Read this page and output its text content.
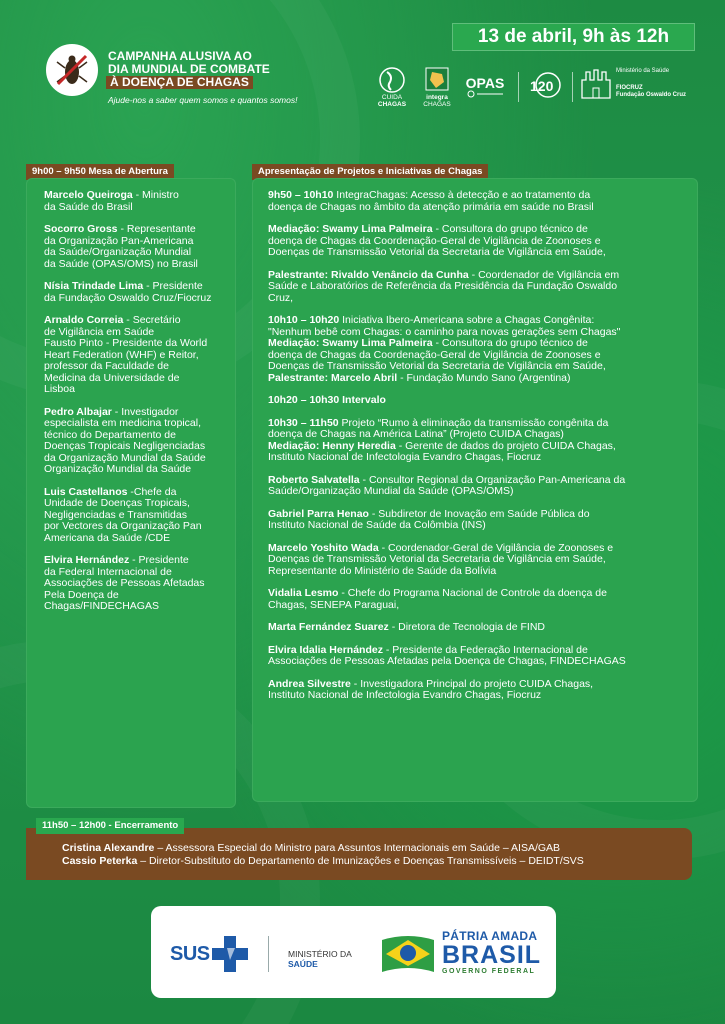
CAMPANHA ALUSIVA AO
DIA MUNDIAL DE COMBATE
À DOENÇA DE CHAGAS
Ajude-nos a saber quem somos e quantos somos!
13 de abril, 9h às 12h
CUIDA
CHAGAS
integra
CHAGAS
OPAS 120
Ministério da Saúde
FIOCRUZ
Fundação Oswaldo Cruz
9h00 – 9h50 Mesa de Abertura	Apresentação de Projetos e Iniciativas de Chagas
Marcelo Queiroga - Ministro
da Saúde do Brasil
Socorro Gross - Representante
da Organização Pan-Americana
da Saúde/Organização Mundial
da Saúde (OPAS/OMS) no Brasil
Nísia Trindade Lima - Presidente
da Fundação Oswaldo Cruz/Fiocruz
Arnaldo Correia - Secretário
de Vigilância em Saúde
Fausto Pinto - Presidente da World
Heart Federation (WHF) e Reitor,
professor da Faculdade de
Medicina da Universidade de
Lisboa
Pedro Albajar - Investigador
especialista em medicina tropical,
técnico do Departamento de
Doenças Tropicais Negligenciadas
da Organização Mundial da Saúde
Organização Mundial da Saúde
Luis Castellanos -Chefe da
Unidade de Doenças Tropicais,
Negligenciadas e Transmitidas
por Vectores da Organização Pan
Americana da Saúde /CDE
Elvira Hernández - Presidente
da Federal Internacional de
Associações de Pessoas Afetadas
Pela Doença de
Chagas/FINDECHAGAS
9h50 – 10h10 IntegraChagas: Acesso à detecção e ao tratamento da
doença de Chagas no âmbito da atenção primária em saúde no Brasil
Mediação: Swamy Lima Palmeira - Consultora do grupo técnico de
doença de Chagas da Coordenação-Geral de Vigilância de Zoonoses e
Doenças de Transmissão Vetorial da Secretaria de Vigilância em Saúde,
Palestrante: Rivaldo Venâncio da Cunha - Coordenador de Vigilância em
Saúde e Laboratórios de Referência da Presidência da Fundação Oswaldo
Cruz,
10h10 – 10h20 Iniciativa Ibero-Americana sobre a Chagas Congênita:
"Nenhum bebê com Chagas: o caminho para novas gerações sem Chagas"
Mediação: Swamy Lima Palmeira - Consultora do grupo técnico de
doença de Chagas da Coordenação-Geral de Vigilância de Zoonoses e
Doenças de Transmissão Vetorial da Secretaria de Vigilância em Saúde,
Palestrante: Marcelo Abril - Fundação Mundo Sano (Argentina)
10h20 – 10h30 Intervalo
10h30 – 11h50 Projeto “Rumo à eliminação da transmissão congênita da
doença de Chagas na América Latina” (Projeto CUIDA Chagas)
Mediação: Henny Heredia - Gerente de dados do projeto CUIDA Chagas,
Instituto Nacional de Infectologia Evandro Chagas, Fiocruz
Roberto Salvatella - Consultor Regional da Organização Pan-Americana da
Saúde/Organização Mundial da Saúde (OPAS/OMS)
Gabriel Parra Henao - Subdiretor de Inovação em Saúde Pública do
Instituto Nacional de Saúde da Colômbia (INS)
Marcelo Yoshito Wada - Coordenador-Geral de Vigilância de Zoonoses e
Doenças de Transmissão Vetorial da Secretaria de Vigilância em Saúde,
Representante do Ministério de Saúde da Bolívia
Vidalia Lesmo - Chefe do Programa Nacional de Controle da doença de
Chagas, SENEPA Paraguai,
Marta Fernández Suarez - Diretora de Tecnologia de FIND
Elvira Idalia Hernández - Presidente da Federação Internacional de
Associações de Pessoas Afetadas pela Doença de Chagas, FINDECHAGAS
Andrea Silvestre - Investigadora Principal do projeto CUIDA Chagas,
Instituto Nacional de Infectologia Evandro Chagas, Fiocruz
11h50 – 12h00 - Encerramento
Cristina Alexandre – Assessora Especial do Ministro para Assuntos Internacionais em Saúde – AISA/GAB
Cassio Peterka – Diretor-Substituto do Departamento de Imunizações e Doenças Transmissíveis – DEIDT/SVS
SUS	MINISTÉRIO DA
SAÚDE
PÁTRIA AMADA
BRASIL
GOVERNO FEDERAL
